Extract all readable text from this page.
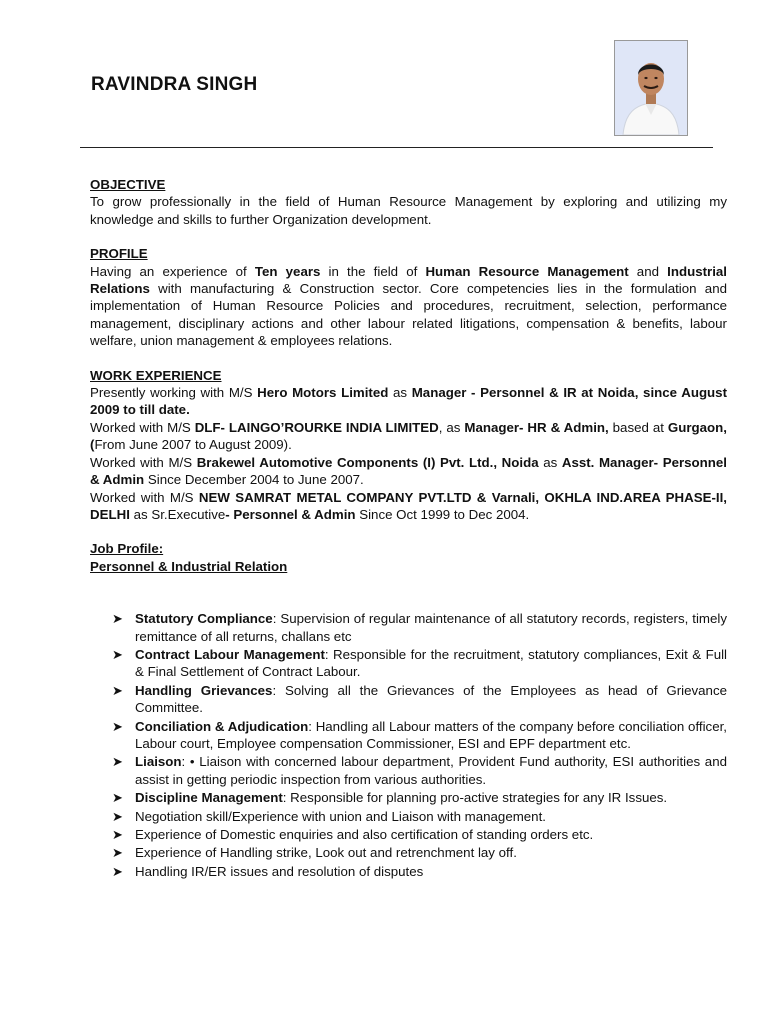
RAVINDRA SINGH
OBJECTIVE

To grow professionally in the field of Human Resource Management by exploring and utilizing my knowledge and skills to further Organization development.

PROFILE

Having an experience of Ten years in the field of Human Resource Management and Industrial Relations with manufacturing & Construction sector. Core competencies lies in the formulation and implementation of Human Resource Policies and procedures, recruitment, selection, performance management, disciplinary actions and other labour related litigations, compensation & benefits, labour welfare, union management & employees relations.

WORK EXPERIENCE

Presently working with M/S Hero Motors Limited as Manager - Personnel & IR at Noida, since August 2009 to till date.

Worked with M/S DLF- LAINGO’ROURKE INDIA LIMITED, as Manager- HR & Admin, based at Gurgaon,(From June 2007 to August 2009).

Worked with M/S Brakewel Automotive Components (I) Pvt. Ltd., Noida as Asst. Manager- Personnel & Admin Since December 2004 to June 2007.

Worked with M/S NEW SAMRAT METAL COMPANY PVT.LTD & Varnali, OKHLA IND.AREA PHASE-II, DELHI as Sr.Executive- Personnel & Admin Since Oct 1999 to Dec 2004.

Job Profile:
Personnel & Industrial Relation
➤ Statutory Compliance: Supervision of regular maintenance of all statutory records, registers, timely remittance of all returns, challans etc
➤ Contract Labour Management: Responsible for the recruitment, statutory compliances, Exit & Full & Final Settlement of Contract Labour.
➤ Handling Grievances: Solving all the Grievances of the Employees as head of Grievance Committee.
➤ Conciliation & Adjudication: Handling all Labour matters of the company before conciliation officer, Labour court, Employee compensation Commissioner, ESI and EPF department etc.
➤ Liaison: • Liaison with concerned labour department, Provident Fund authority, ESI authorities and assist in getting periodic inspection from various authorities.
➤ Discipline Management: Responsible for planning pro-active strategies for any IR Issues.
➤ Negotiation skill/Experience with union and Liaison with management.
➤ Experience of Domestic enquiries and also certification of standing orders etc.
➤ Experience of Handling strike, Look out and retrenchment lay off.
➤ Handling IR/ER issues and resolution of disputes
